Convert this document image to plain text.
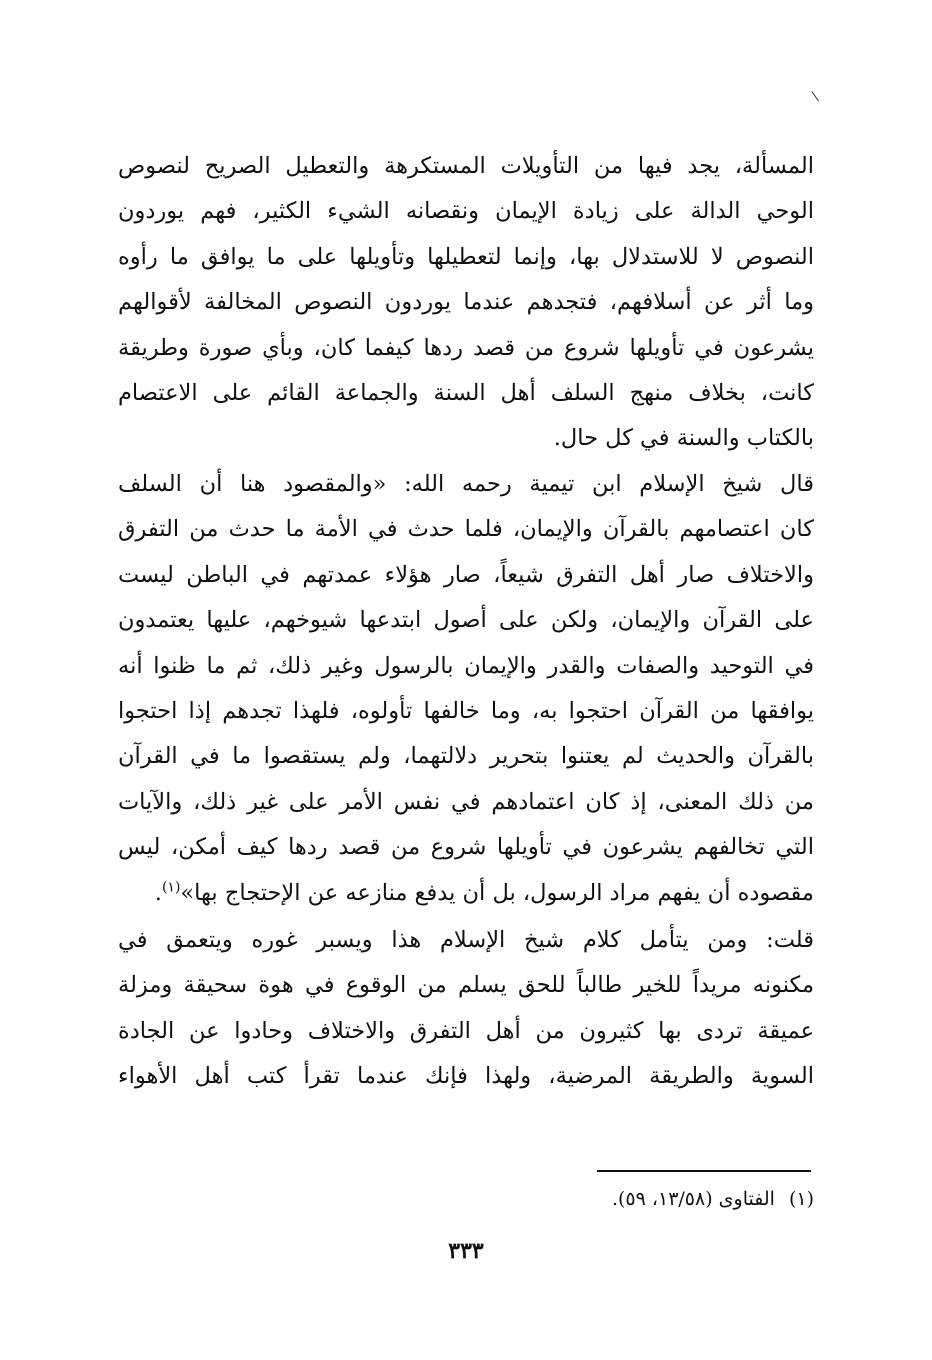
المسألة، يجد فيها من التأويلات المستكرهة والتعطيل الصريح لنصوص
الوحي الدالة على زيادة الإيمان ونقصانه الشيء الكثير، فهم يوردون
النصوص لا للاستدلال بها، وإنما لتعطيلها وتأويلها على ما يوافق ما رأوه
وما أثر عن أسلافهم، فتجدهم عندما يوردون النصوص المخالفة لأقوالهم
يشرعون في تأويلها شروع من قصد ردها كيفما كان، وبأي صورة وطريقة
كانت، بخلاف منهج السلف أهل السنة والجماعة القائم على الاعتصام
بالكتاب والسنة في كل حال.
قال شيخ الإسلام ابن تيمية رحمه الله: «والمقصود هنا أن السلف
كان اعتصامهم بالقرآن والإيمان، فلما حدث في الأمة ما حدث من التفرق
والاختلاف صار أهل التفرق شيعاً، صار هؤلاء عمدتهم في الباطن ليست
على القرآن والإيمان، ولكن على أصول ابتدعها شيوخهم، عليها يعتمدون
في التوحيد والصفات والقدر والإيمان بالرسول وغير ذلك، ثم ما ظنوا أنه
يوافقها من القرآن احتجوا به، وما خالفها تأولوه، فلهذا تجدهم إذا احتجوا
بالقرآن والحديث لم يعتنوا بتحرير دلالتهما، ولم يستقصوا ما في القرآن
من ذلك المعنى، إذ كان اعتمادهم في نفس الأمر على غير ذلك، والآيات
التي تخالفهم يشرعون في تأويلها شروع من قصد ردها كيف أمكن، ليس
مقصوده أن يفهم مراد الرسول، بل أن يدفع منازعه عن الإحتجاج بها»$^{(١)}$.
قلت: ومن يتأمل كلام شيخ الإسلام هذا ويسبر غوره ويتعمق في
مكنونه مريداً للخير طالباً للحق يسلم من الوقوع في هوة سحيقة ومزلة
عميقة تردى بها كثيرون من أهل التفرق والاختلاف وحادوا عن الجادة
السوية والطريقة المرضية، ولهذا فإنك عندما تقرأ كتب أهل الأهواء
(١)الفتاوى (١٣/٥٨، ٥٩).
٣٣٣
